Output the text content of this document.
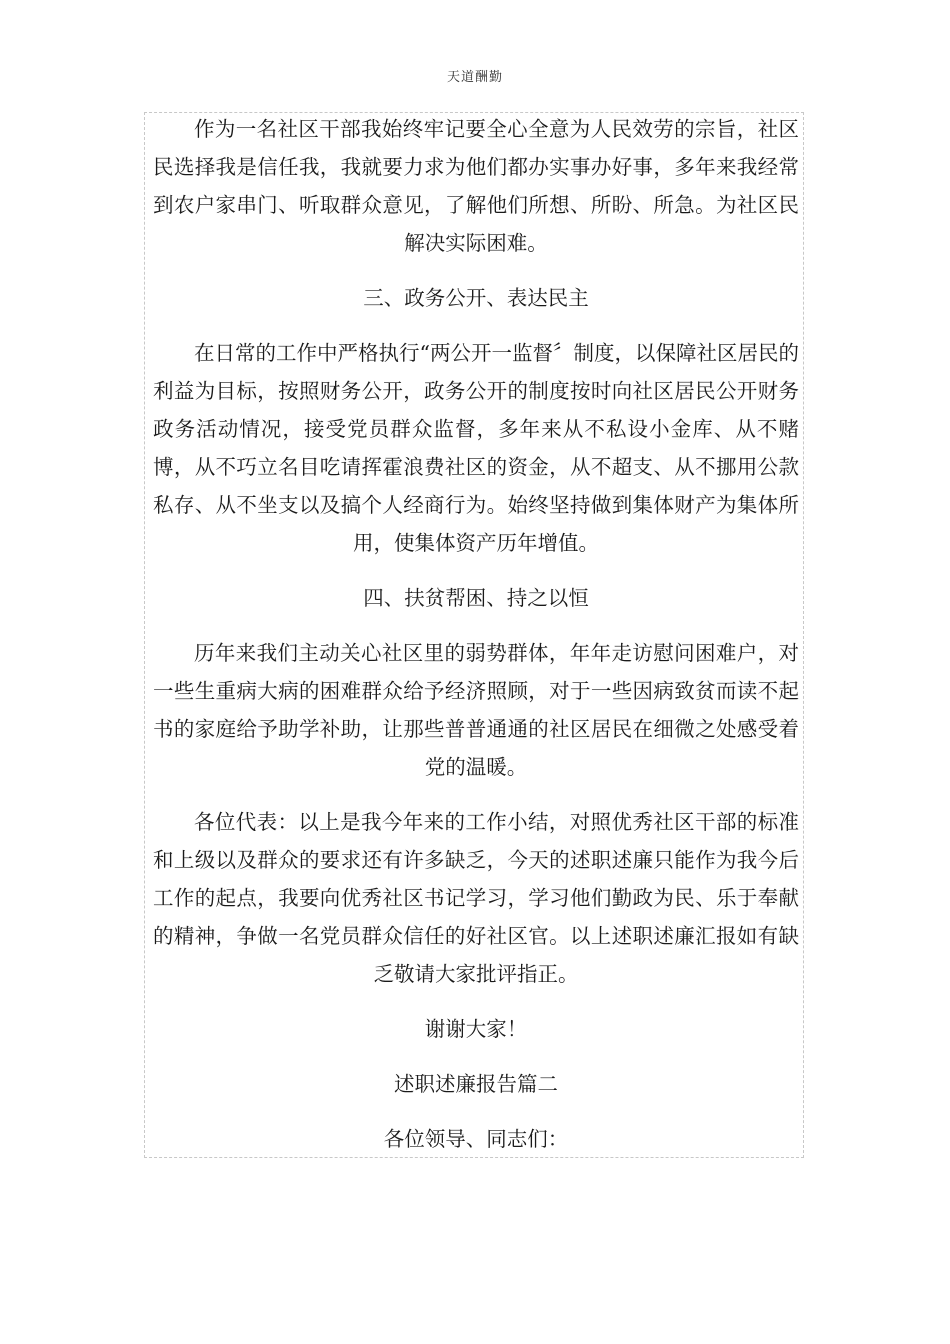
天道酬勤

作为一名社区干部我始终牢记要全心全意为人民效劳的宗旨，社区民选择我是信任我，我就要力求为他们都办实事办好事，多年来我经常到农户家串门、听取群众意见，了解他们所想、所盼、所急。为社区民解决实际困难。

三、政务公开、表达民主

在日常的工作中严格执行“两公开一监督〞制度，以保障社区居民的利益为目标，按照财务公开，政务公开的制度按时向社区居民公开财务政务活动情况，接受党员群众监督，多年来从不私设小金库、从不赌博，从不巧立名目吃请挥霍浪费社区的资金，从不超支、从不挪用公款私存、从不坐支以及搞个人经商行为。始终坚持做到集体财产为集体所用，使集体资产历年增值。

四、扶贫帮困、持之以恒

历年来我们主动关心社区里的弱势群体，年年走访慰问困难户，对一些生重病大病的困难群众给予经济照顾，对于一些因病致贫而读不起书的家庭给予助学补助，让那些普普通通的社区居民在细微之处感受着党的温暖。

各位代表：以上是我今年来的工作小结，对照优秀社区干部的标准和上级以及群众的要求还有许多缺乏，今天的述职述廉只能作为我今后工作的起点，我要向优秀社区书记学习，学习他们勤政为民、乐于奉献的精神，争做一名党员群众信任的好社区官。以上述职述廉汇报如有缺乏敬请大家批评指正。

谢谢大家！

述职述廉报告篇二

各位领导、同志们：
